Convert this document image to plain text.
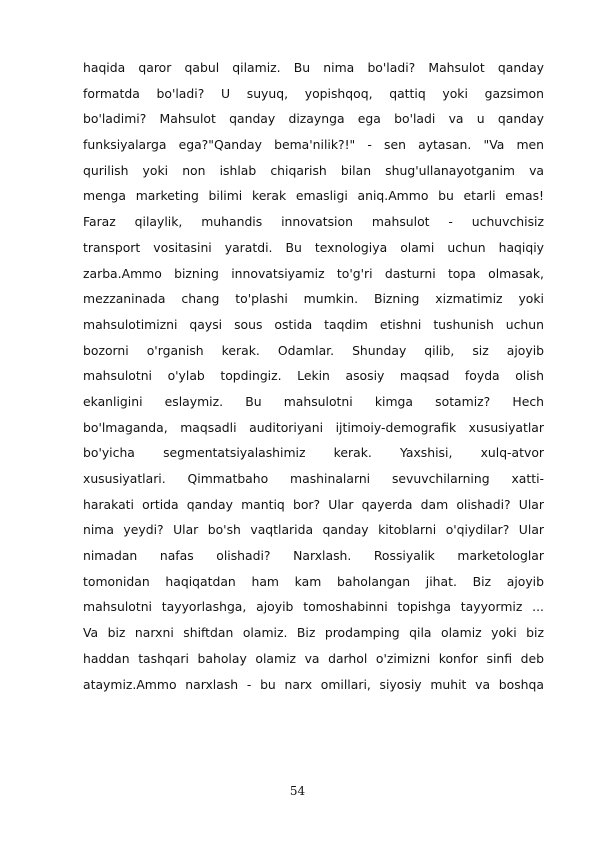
haqida qaror qabul qilamiz. Bu nima bo'ladi? Mahsulot qanday
formatda bo'ladi? U suyuq, yopishqoq, qattiq yoki gazsimon
bo'ladimi? Mahsulot qanday dizaynga ega bo'ladi va u qanday
funksiyalarga ega?"Qanday bema'nilik?!" - sen aytasan. "Va men
qurilish yoki non ishlab chiqarish bilan shug'ullanayotganim va
menga marketing bilimi kerak emasligi aniq.Ammo bu etarli emas!
Faraz qilaylik, muhandis innovatsion mahsulot - uchuvchisiz
transport vositasini yaratdi. Bu texnologiya olami uchun haqiqiy
zarba.Ammo bizning innovatsiyamiz to'g'ri dasturni topa olmasak,
mezzaninada chang to'plashi mumkin. Bizning xizmatimiz yoki
mahsulotimizni qaysi sous ostida taqdim etishni tushunish uchun
bozorni o'rganish kerak. Odamlar. Shunday qilib, siz ajoyib
mahsulotni o'ylab topdingiz. Lekin asosiy maqsad foyda olish
ekanligini eslaymiz. Bu mahsulotni kimga sotamiz? Hech
bo'lmaganda, maqsadli auditoriyani ijtimoiy-demografik xususiyatlar
bo'yicha segmentatsiyalashimiz kerak. Yaxshisi, xulq-atvor
xususiyatlari. Qimmatbaho mashinalarni sevuvchilarning xatti-
harakati ortida qanday mantiq bor? Ular qayerda dam olishadi? Ular
nima yeydi? Ular bo'sh vaqtlarida qanday kitoblarni o'qiydilar? Ular
nimadan nafas olishadi? Narxlash. Rossiyalik marketologlar
tomonidan haqiqatdan ham kam baholangan jihat. Biz ajoyib
mahsulotni tayyorlashga, ajoyib tomoshabinni topishga tayyormiz ...
Va biz narxni shiftdan olamiz. Biz prodamping qila olamiz yoki biz
haddan tashqari baholay olamiz va darhol o'zimizni konfor sinfi deb
ataymiz.Ammo narxlash - bu narx omillari, siyosiy muhit va boshqa
54
